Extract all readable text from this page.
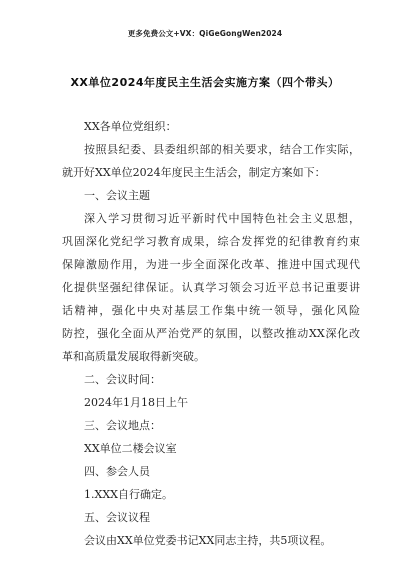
更多免费公文+VX：QiGeGongWen2024
XX单位2024年度民主生活会实施方案（四个带头）
XX各单位党组织：
按照县纪委、县委组织部的相关要求，结合工作实际，
就开好XX单位2024年度民主生活会，制定方案如下：
一、会议主题
深入学习贯彻习近平新时代中国特色社会主义思想，
巩固深化党纪学习教育成果，综合发挥党的纪律教育约束
保障激励作用，为进一步全面深化改革、推进中国式现代
化提供坚强纪律保证。认真学习领会习近平总书记重要讲
话精神，强化中央对基层工作集中统一领导，强化风险
防控，强化全面从严治党严的氛围，以整改推动XX深化改
革和高质量发展取得新突破。
二、会议时间：
2024年1月18日上午
三、会议地点：
XX单位二楼会议室
四、参会人员
1.XXX自行确定。
五、会议议程
会议由XX单位党委书记XX同志主持，共5项议程。
